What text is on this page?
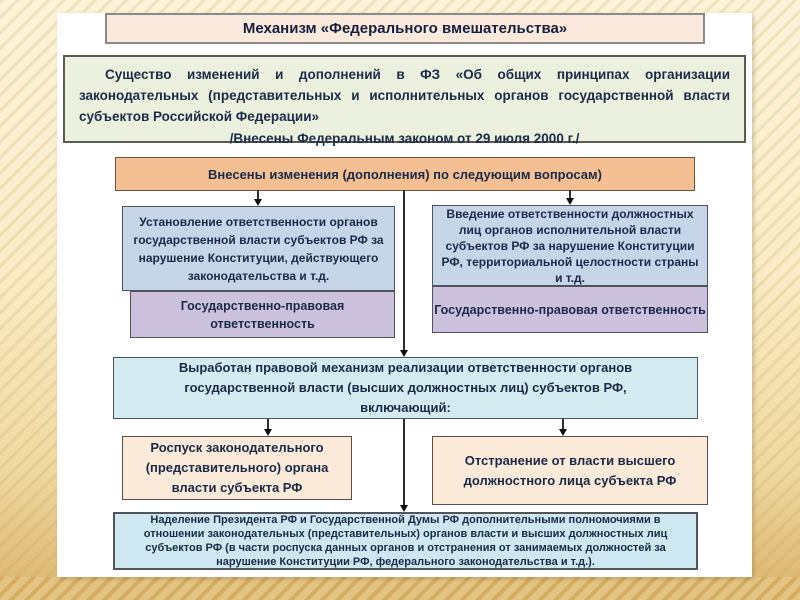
Механизм «Федерального вмешательства»
Существо изменений и дополнений в ФЗ «Об общих принципах организации законодательных (представительных и исполнительных органов государственной власти субъектов Российской Федерации»
/Внесены Федеральным законом от 29 июля 2000 г./
Внесены изменения (дополнения) по следующим вопросам)
Установление ответственности органов государственной власти субъектов РФ за нарушение Конституции, действующего законодательства и т.д.
Введение ответственности должностных лиц органов исполнительной власти субъектов РФ за нарушение Конституции РФ, территориальной целостности страны и т.д.
Государственно-правовая ответственность
Государственно-правовая ответственность
Выработан правовой механизм реализации ответственности органов государственной власти (высших должностных лиц) субъектов РФ, включающий:
Роспуск законодательного (представительного) органа власти субъекта РФ
Отстранение от власти высшего должностного лица субъекта РФ
Наделение Президента РФ и Государственной Думы РФ дополнительными полномочиями в отношении законодательных (представительных) органов власти и высших должностных лиц субъектов РФ (в части роспуска данных органов и отстранения от занимаемых должностей за нарушение Конституции РФ, федерального законодательства и т.д.).
